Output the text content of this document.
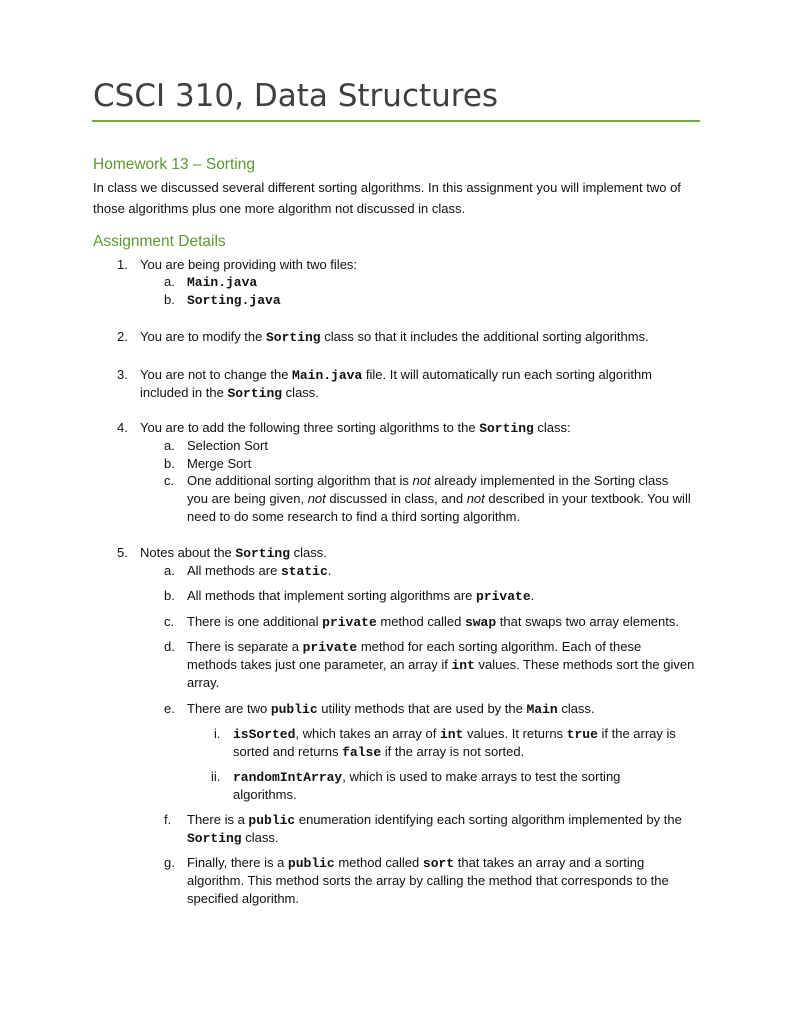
CSCI 310, Data Structures
Homework 13 – Sorting
In class we discussed several different sorting algorithms. In this assignment you will implement two of
those algorithms plus one more algorithm not discussed in class.
Assignment Details
1. You are being providing with two files:
a. Main.java
b. Sorting.java
2. You are to modify the Sorting class so that it includes the additional sorting algorithms.
3. You are not to change the Main.java file. It will automatically run each sorting algorithm
included in the Sorting class.
4. You are to add the following three sorting algorithms to the Sorting class:
a. Selection Sort
b. Merge Sort
c. One additional sorting algorithm that is not already implemented in the Sorting class
you are being given, not discussed in class, and not described in your textbook. You will
need to do some research to find a third sorting algorithm.
5. Notes about the Sorting class.
a. All methods are static.
b. All methods that implement sorting algorithms are private.
c. There is one additional private method called swap that swaps two array elements.
d. There is separate a private method for each sorting algorithm. Each of these
methods takes just one parameter, an array if int values. These methods sort the given
array.
e. There are two public utility methods that are used by the Main class.
i. isSorted, which takes an array of int values. It returns true if the array is
sorted and returns false if the array is not sorted.
ii. randomIntArray, which is used to make arrays to test the sorting
algorithms.
f. There is a public enumeration identifying each sorting algorithm implemented by the
Sorting class.
g. Finally, there is a public method called sort that takes an array and a sorting
algorithm. This method sorts the array by calling the method that corresponds to the
specified algorithm.
